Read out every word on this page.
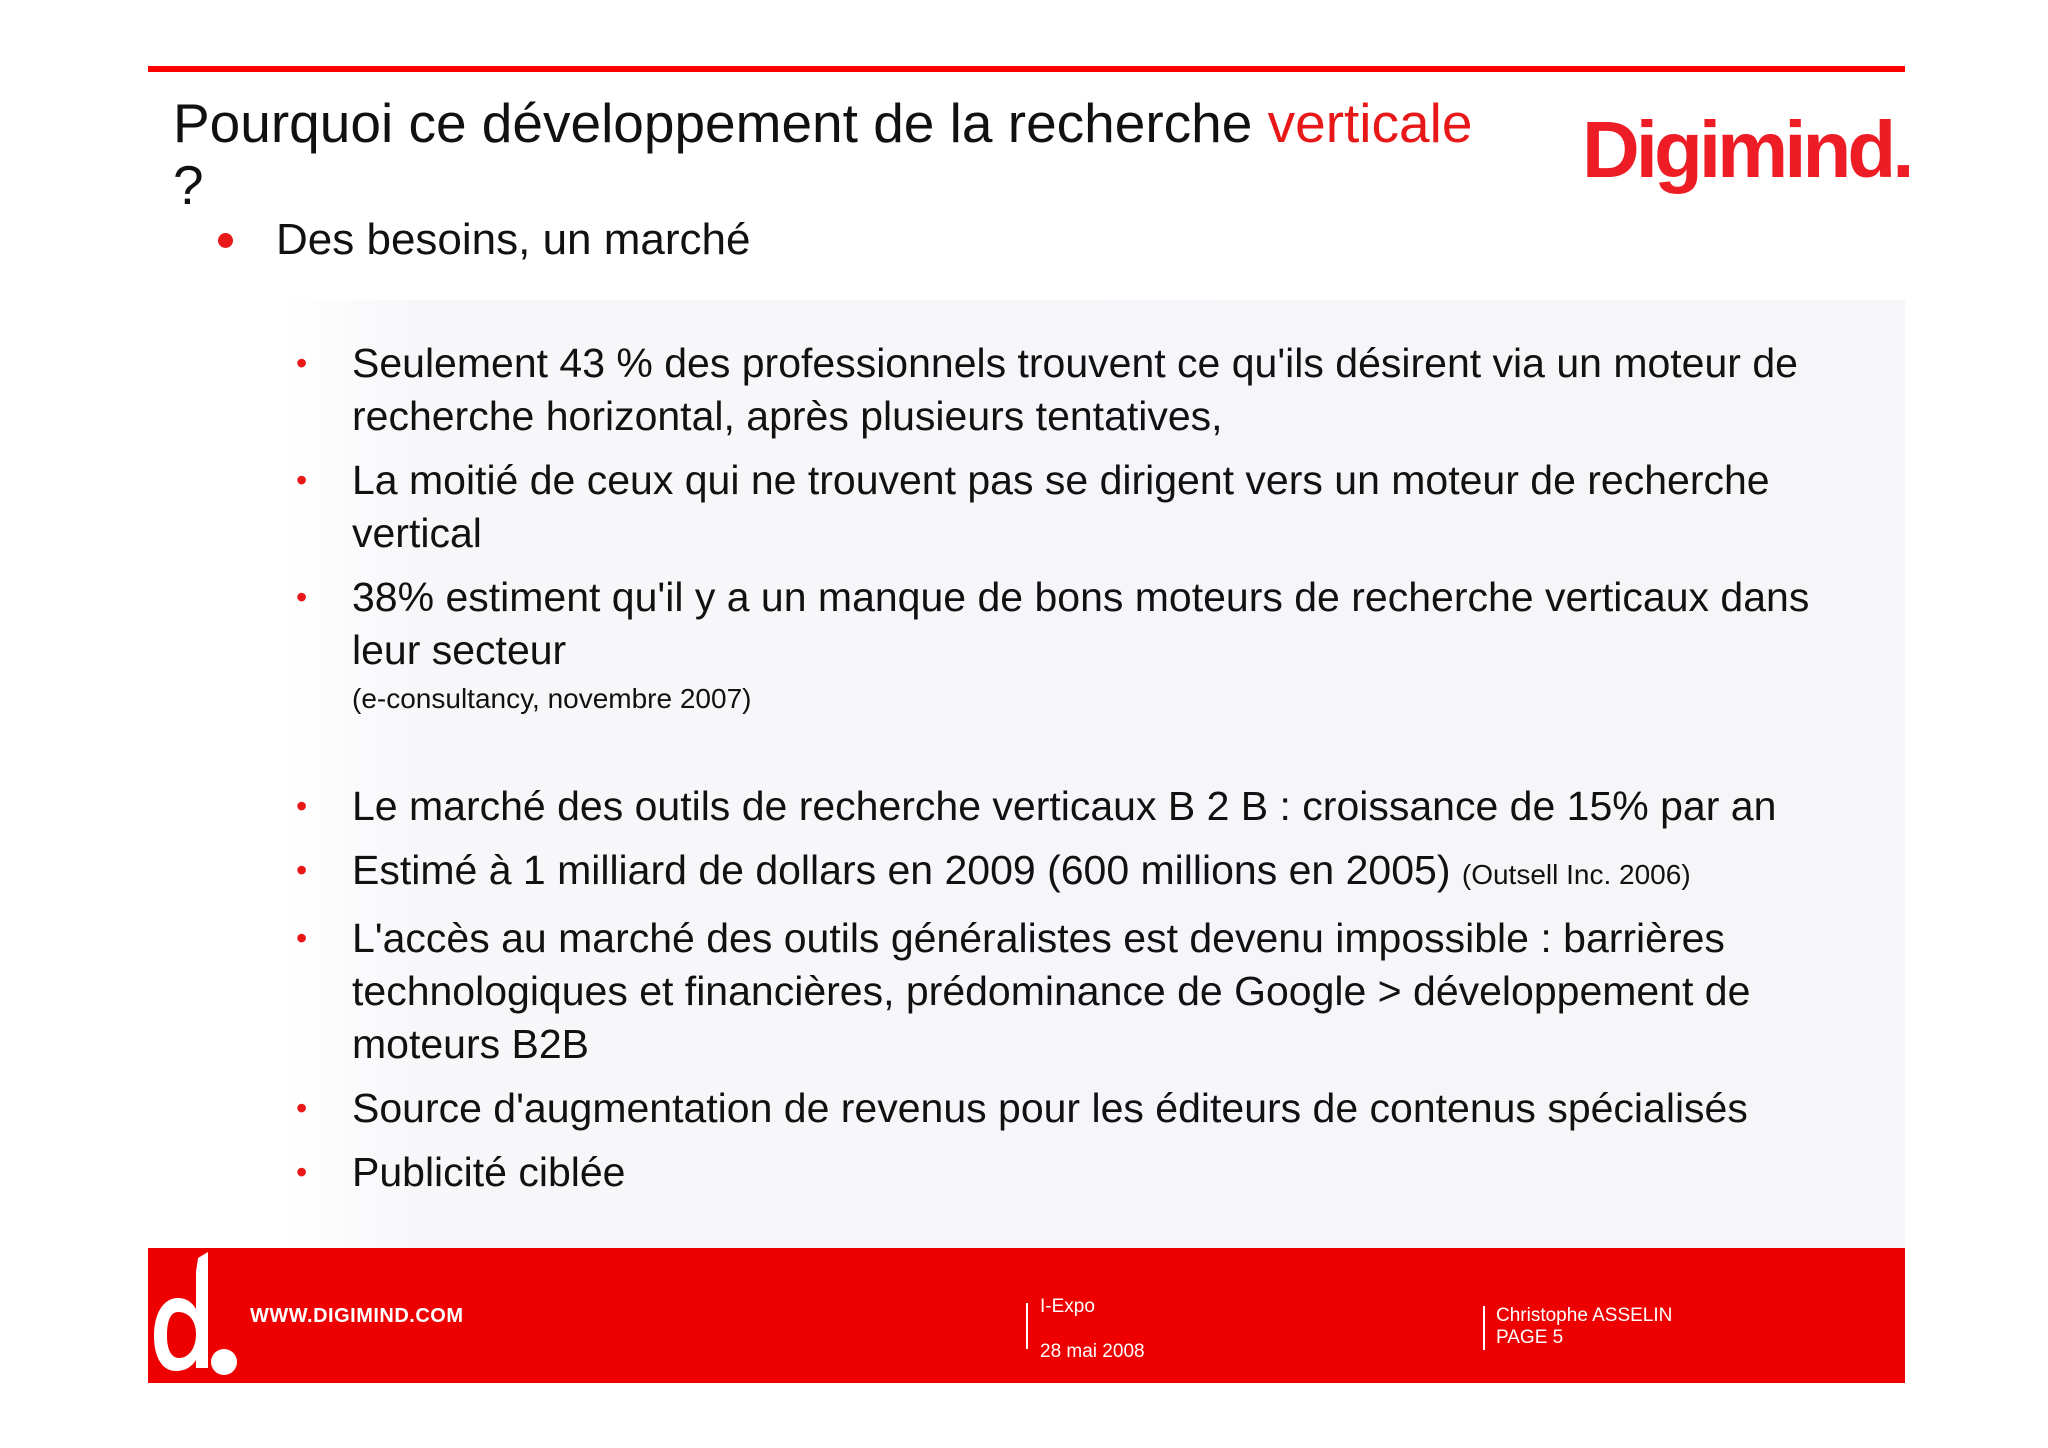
Pourquoi ce développement de la recherche verticale
?	Digimind.
Des besoins, un marché
• Seulement 43 % des professionnels trouvent ce qu'ils désirent via un moteur de recherche horizontal, après plusieurs tentatives,
• La moitié de ceux qui ne trouvent pas se dirigent vers un moteur de recherche vertical
• 38% estiment qu'il y a un manque de bons moteurs de recherche verticaux dans leur secteur
(e-consultancy, novembre 2007)
• Le marché des outils de recherche verticaux B 2 B : croissance de 15% par an
• Estimé à 1 milliard de dollars en 2009 (600 millions en 2005) (Outsell Inc. 2006)
• L'accès au marché des outils généralistes est devenu impossible : barrières technologiques et financières, prédominance de Google > développement de moteurs B2B
• Source d'augmentation de revenus pour les éditeurs de contenus spécialisés
• Publicité ciblée
WWW.DIGIMIND.COM	I-Expo
28 mai 2008
Christophe ASSELIN
PAGE 5
